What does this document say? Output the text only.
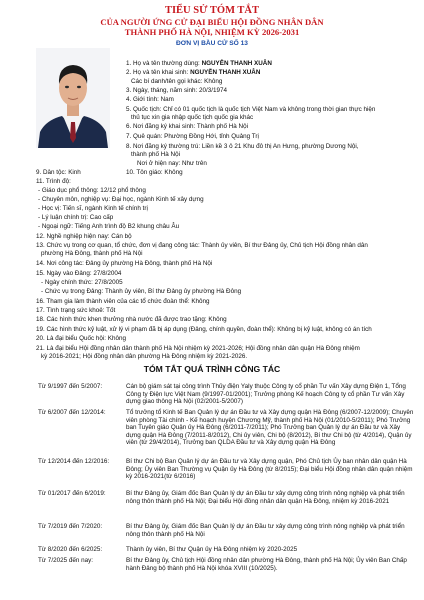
TIỂU SỬ TÓM TẮT
CỦA NGƯỜI ỨNG CỬ ĐẠI BIỂU HỘI ĐỒNG NHÂN DÂN
THÀNH PHỐ HÀ NỘI, NHIỆM KỲ 2026-2031
ĐƠN VỊ BẦU CỬ SỐ 13
1. Họ và tên thường dùng: NGUYỄN THANH XUÂN
2. Họ và tên khai sinh: NGUYỄN THANH XUÂN
Các bí danh/tên gọi khác: Không
3. Ngày, tháng, năm sinh: 20/3/1974
4. Giới tính: Nam
5. Quốc tịch: Chỉ có 01 quốc tịch là quốc tịch Việt Nam và không trong thời gian thực hiện
thủ tục xin gia nhập quốc tịch quốc gia khác
6. Nơi đăng ký khai sinh: Thành phố Hà Nội
7. Quê quán: Phường Đồng Hới, tỉnh Quảng Trị
8. Nơi đăng ký thường trú: Liền kề 3 ô 21 Khu đô thị An Hưng, phường Dương Nội,
thành phố Hà Nội
Nơi ở hiện nay: Như trên
9. Dân tộc: Kinh	10. Tôn giáo: Không
11. Trình độ:
- Giáo dục phổ thông: 12/12 phổ thông
- Chuyên môn, nghiệp vụ: Đại học, ngành Kinh tế xây dựng
- Học vị: Tiến sĩ, ngành Kinh tế chính trị
- Lý luận chính trị: Cao cấp
- Ngoại ngữ: Tiếng Anh trình độ B2 khung châu Âu
12. Nghề nghiệp hiện nay: Cán bộ
13. Chức vụ trong cơ quan, tổ chức, đơn vị đang công tác: Thành ủy viên, Bí thư Đảng ủy, Chủ tịch Hội đồng nhân dân
phường Hà Đông, thành phố Hà Nội
14. Nơi công tác: Đảng ủy phường Hà Đông, thành phố Hà Nội
15. Ngày vào Đảng: 27/8/2004
- Ngày chính thức: 27/8/2005
- Chức vụ trong Đảng: Thành ủy viên, Bí thư Đảng ủy phường Hà Đông
16. Tham gia làm thành viên của các tổ chức đoàn thể: Không
17. Tình trạng sức khoẻ: Tốt
18. Các hình thức khen thưởng nhà nước đã được trao tặng: Không
19. Các hình thức kỷ luật, xử lý vi phạm đã bị áp dụng (Đảng, chính quyền, đoàn thể): Không bị kỷ luật, không có án tích
20. Là đại biểu Quốc hội: Không
21. Là đại biểu Hội đồng nhân dân thành phố Hà Nội nhiệm kỳ 2021-2026; Hội đồng nhân dân quận Hà Đông nhiệm
kỳ 2016-2021; Hội đồng nhân dân phường Hà Đông nhiệm kỳ 2021-2026.
TÓM TẮT QUÁ TRÌNH CÔNG TÁC
Từ 9/1997 đến 5/2007:	Cán bộ giám sát tại công trình Thủy điện Yaly thuộc Công ty cổ phần Tư vấn Xây dựng Điện 1, Tổng Công ty Điện lực Việt Nam (9/1997-01/2001); Trưởng phòng Kế hoạch Công ty cổ phần Tư vấn Xây dựng giao thông Hà Nội (02/2001-5/2007)
Từ 6/2007 đến 12/2014:	Tổ trưởng tổ Kinh tế Ban Quản lý dự án Đầu tư và Xây dựng quận Hà Đông (6/2007-12/2009); Chuyên viên phòng Tài chính - Kế hoạch huyện Chương Mỹ, thành phố Hà Nội (01/2010-5/2011); Phó Trưởng ban Tuyên giáo Quận ủy Hà Đông (6/2011-7/2011); Phó Trưởng ban Quản lý dự án Đầu tư và Xây dựng quận Hà Đông (7/2011-8/2012), Chi ủy viên, Chi bộ (8/2012), Bí thư Chi bộ (từ 4/2014), Quận ủy viên (từ 29/4/2014), Trưởng ban QLDA Đầu tư và Xây dựng quận Hà Đông
Từ 12/2014 đến 12/2016:	Bí thư Chi bộ Ban Quản lý dự án Đầu tư và Xây dựng quận, Phó Chủ tịch Ủy ban nhân dân quận Hà Đông; Ủy viên Ban Thường vụ Quận ủy Hà Đông (từ 8/2015); Đại biểu Hội đồng nhân dân quận nhiệm kỳ 2016-2021(từ 6/2016)
Từ 01/2017 đến 6/2019:	Bí thư Đảng ủy, Giám đốc Ban Quản lý dự án Đầu tư xây dựng công trình nông nghiệp và phát triển nông thôn thành phố Hà Nội; Đại biểu Hội đồng nhân dân quận Hà Đông, nhiệm kỳ 2016-2021
Từ 7/2019 đến 7/2020:	Bí thư Đảng ủy, Giám đốc Ban Quản lý dự án Đầu tư xây dựng công trình nông nghiệp và phát triển nông thôn thành phố Hà Nội
Từ 8/2020 đến 6/2025:	Thành ủy viên, Bí thư Quận ủy Hà Đông nhiệm kỳ 2020-2025
Từ 7/2025 đến nay:	Bí thư Đảng ủy, Chủ tịch Hội đồng nhân dân phường Hà Đông, thành phố Hà Nội; Ủy viên Ban Chấp hành Đảng bộ thành phố Hà Nội khóa XVIII (10/2025).
